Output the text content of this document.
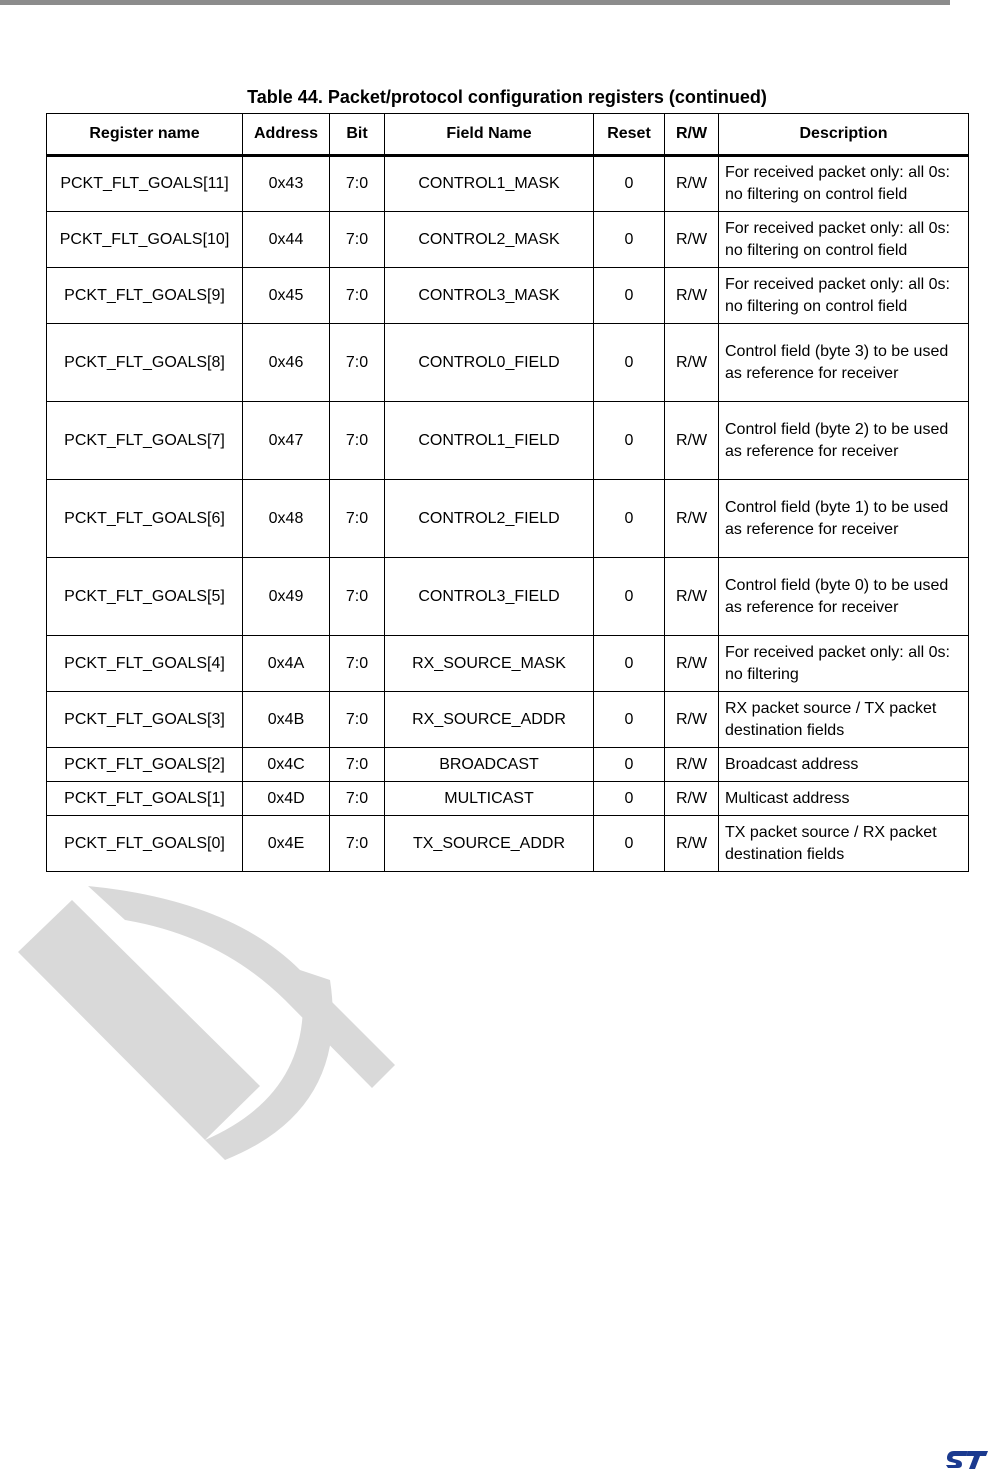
Table 44. Packet/protocol configuration registers (continued)
Register name	Address	Bit	Field Name	Reset	R/W	Description
PCKT_FLT_GOALS[11]	0x43	7:0	CONTROL1_MASK	0	R/W	For received packet only: all 0s: no filtering on control field
PCKT_FLT_GOALS[10]	0x44	7:0	CONTROL2_MASK	0	R/W	For received packet only: all 0s: no filtering on control field
PCKT_FLT_GOALS[9]	0x45	7:0	CONTROL3_MASK	0	R/W	For received packet only: all 0s: no filtering on control field
PCKT_FLT_GOALS[8]	0x46	7:0	CONTROL0_FIELD	0	R/W	Control field (byte 3) to be used as reference for receiver
PCKT_FLT_GOALS[7]	0x47	7:0	CONTROL1_FIELD	0	R/W	Control field (byte 2) to be used as reference for receiver
PCKT_FLT_GOALS[6]	0x48	7:0	CONTROL2_FIELD	0	R/W	Control field (byte 1) to be used as reference for receiver
PCKT_FLT_GOALS[5]	0x49	7:0	CONTROL3_FIELD	0	R/W	Control field (byte 0) to be used as reference for receiver
PCKT_FLT_GOALS[4]	0x4A	7:0	RX_SOURCE_MASK	0	R/W	For received packet only: all 0s: no filtering
PCKT_FLT_GOALS[3]	0x4B	7:0	RX_SOURCE_ADDR	0	R/W	RX packet source / TX packet destination fields
PCKT_FLT_GOALS[2]	0x4C	7:0	BROADCAST	0	R/W	Broadcast address
PCKT_FLT_GOALS[1]	0x4D	7:0	MULTICAST	0	R/W	Multicast address
PCKT_FLT_GOALS[0]	0x4E	7:0	TX_SOURCE_ADDR	0	R/W	TX packet source / RX packet destination fields
